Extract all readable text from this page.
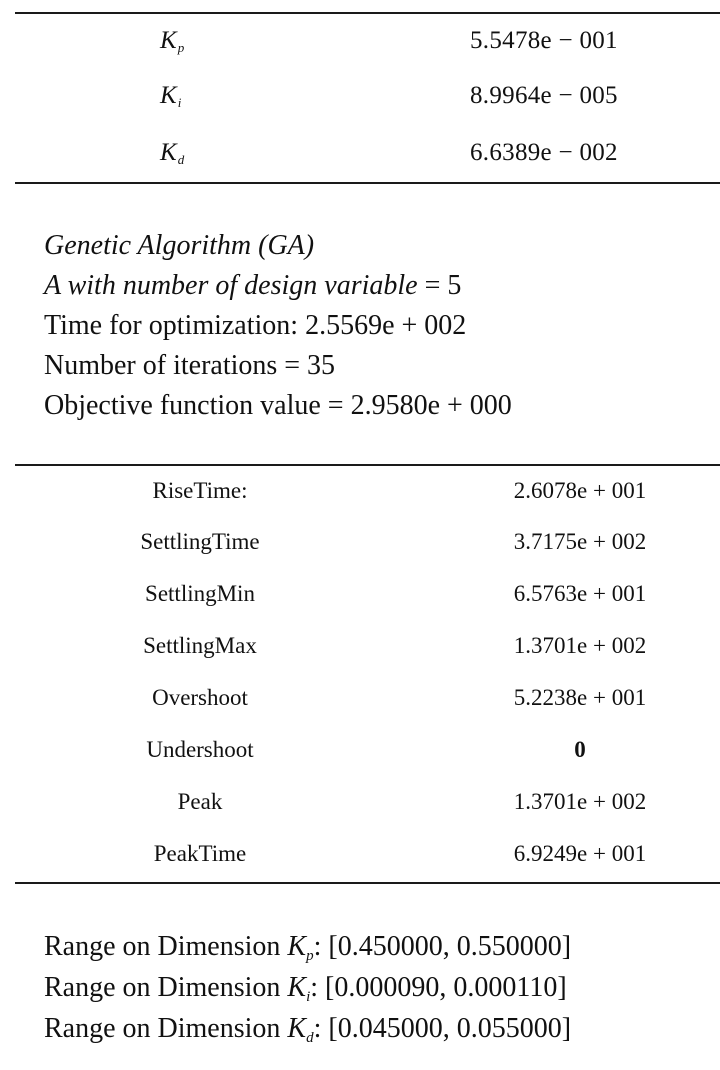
$K_p$	5.5478e − 001
$K_i$	8.9964e − 005
$K_d$	6.6389e − 002
Genetic Algorithm (GA)
A with number of design variable = 5
Time for optimization: 2.5569e + 002
Number of iterations = 35
Objective function value = 2.9580e + 000
RiseTime:	2.6078e + 001
SettlingTime	3.7175e + 002
SettlingMin	6.5763e + 001
SettlingMax	1.3701e + 002
Overshoot	5.2238e + 001
Undershoot	0
Peak	1.3701e + 002
PeakTime	6.9249e + 001
Range on Dimension $K_p$: [0.450000, 0.550000]
Range on Dimension $K_i$: [0.000090, 0.000110]
Range on Dimension $K_d$: [0.045000, 0.055000]
